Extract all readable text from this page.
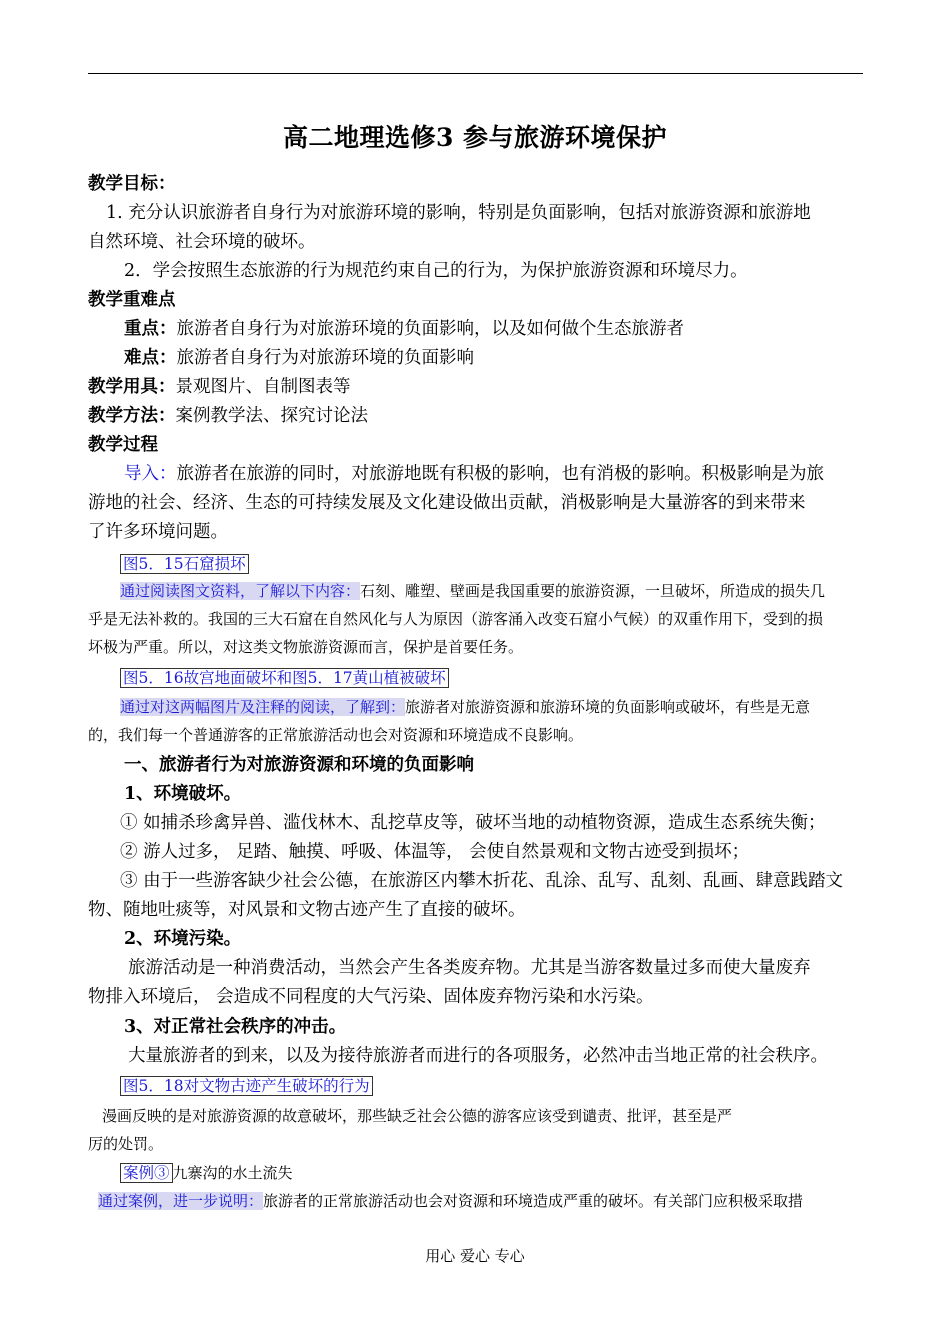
高二地理选修3 参与旅游环境保护
教学目标：
1. 充分认识旅游者自身行为对旅游环境的影响，特别是负面影响，包括对旅游资源和旅游地
自然环境、社会环境的破坏。
2．学会按照生态旅游的行为规范约束自己的行为，为保护旅游资源和环境尽力。
教学重难点
重点：旅游者自身行为对旅游环境的负面影响，以及如何做个生态旅游者
难点：旅游者自身行为对旅游环境的负面影响
教学用具：景观图片、自制图表等
教学方法：案例教学法、探究讨论法
教学过程
导入：旅游者在旅游的同时，对旅游地既有积极的影响，也有消极的影响。积极影响是为旅
游地的社会、经济、生态的可持续发展及文化建设做出贡献，消极影响是大量游客的到来带来
了许多环境问题。
图5．15石窟损坏
通过阅读图文资料，了解以下内容：石刻、雕塑、壁画是我国重要的旅游资源，一旦破坏，所造成的损失几
乎是无法补救的。我国的三大石窟在自然风化与人为原因（游客涌入改变石窟小气候）的双重作用下，受到的损
坏极为严重。所以，对这类文物旅游资源而言，保护是首要任务。
图5．16故宫地面破坏和图5．17黄山植被破坏
通过对这两幅图片及注释的阅读，了解到：旅游者对旅游资源和旅游环境的负面影响或破坏，有些是无意
的，我们每一个普通游客的正常旅游活动也会对资源和环境造成不良影响。
一、旅游者行为对旅游资源和环境的负面影响
1、环境破坏。
① 如捕杀珍禽异兽、滥伐林木、乱挖草皮等，破坏当地的动植物资源，造成生态系统失衡；
② 游人过多， 足踏、触摸、呼吸、体温等， 会使自然景观和文物古迹受到损坏；
③ 由于一些游客缺少社会公德，在旅游区内攀木折花、乱涂、乱写、乱刻、乱画、肆意践踏文
物、随地吐痰等，对风景和文物古迹产生了直接的破坏。
2、环境污染。
旅游活动是一种消费活动，当然会产生各类废弃物。尤其是当游客数量过多而使大量废弃
物排入环境后， 会造成不同程度的大气污染、固体废弃物污染和水污染。
3、对正常社会秩序的冲击。
大量旅游者的到来，以及为接待旅游者而进行的各项服务，必然冲击当地正常的社会秩序。
图5．18对文物古迹产生破坏的行为
漫画反映的是对旅游资源的故意破坏，那些缺乏社会公德的游客应该受到谴责、批评，甚至是严
厉的处罚。
案例③ 九寨沟的水土流失
通过案例，进一步说明：旅游者的正常旅游活动也会对资源和环境造成严重的破坏。有关部门应积极采取措
用心 爱心 专心
